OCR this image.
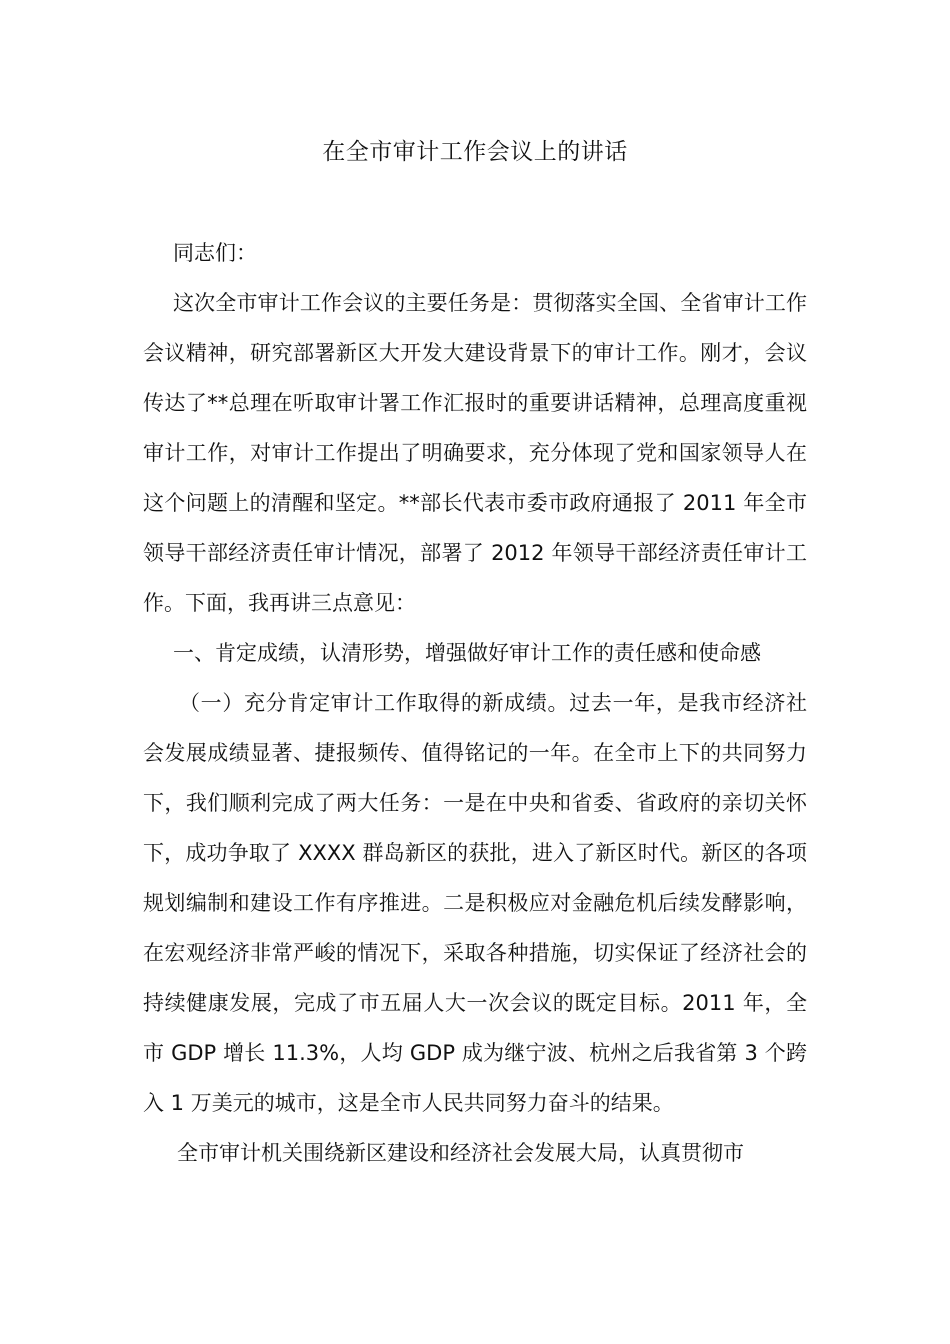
在全市审计工作会议上的讲话

同志们：

这次全市审计工作会议的主要任务是：贯彻落实全国、全省审计工作会议精神，研究部署新区大开发大建设背景下的审计工作。刚才，会议传达了**总理在听取审计署工作汇报时的重要讲话精神，总理高度重视审计工作，对审计工作提出了明确要求，充分体现了党和国家领导人在这个问题上的清醒和坚定。**部长代表市委市政府通报了 2011 年全市领导干部经济责任审计情况，部署了 2012 年领导干部经济责任审计工作。下面，我再讲三点意见：

一、肯定成绩，认清形势，增强做好审计工作的责任感和使命感

（一）充分肯定审计工作取得的新成绩。过去一年，是我市经济社会发展成绩显著、捷报频传、值得铭记的一年。在全市上下的共同努力下，我们顺利完成了两大任务：一是在中央和省委、省政府的亲切关怀下，成功争取了 XXXX 群岛新区的获批，进入了新区时代。新区的各项规划编制和建设工作有序推进。二是积极应对金融危机后续发酵影响，在宏观经济非常严峻的情况下，采取各种措施，切实保证了经济社会的持续健康发展，完成了市五届人大一次会议的既定目标。2011 年，全市 GDP 增长 11.3%，人均 GDP 成为继宁波、杭州之后我省第 3 个跨入 1 万美元的城市，这是全市人民共同努力奋斗的结果。

全市审计机关围绕新区建设和经济社会发展大局，认真贯彻市
